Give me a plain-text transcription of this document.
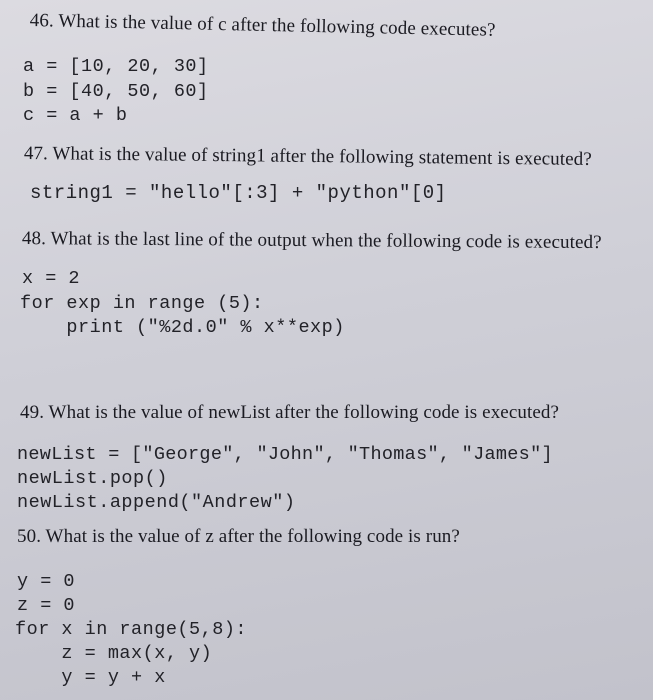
46. What is the value of c after the following code executes?
a = [10, 20, 30]
b = [40, 50, 60]
c = a + b
47. What is the value of string1 after the following statement is executed?
string1 = "hello"[:3] + "python"[0]
48. What is the last line of the output when the following code is executed?
x = 2
for exp in range (5):
print ("%2d.0" % x**exp)
49. What is the value of newList after the following code is executed?
newList = ["George", "John", "Thomas", "James"]
newList.pop()
newList.append("Andrew")
50. What is the value of z after the following code is run?
y = 0
z = 0
for x in range(5,8):
z = max(x, y)
y = y + x
